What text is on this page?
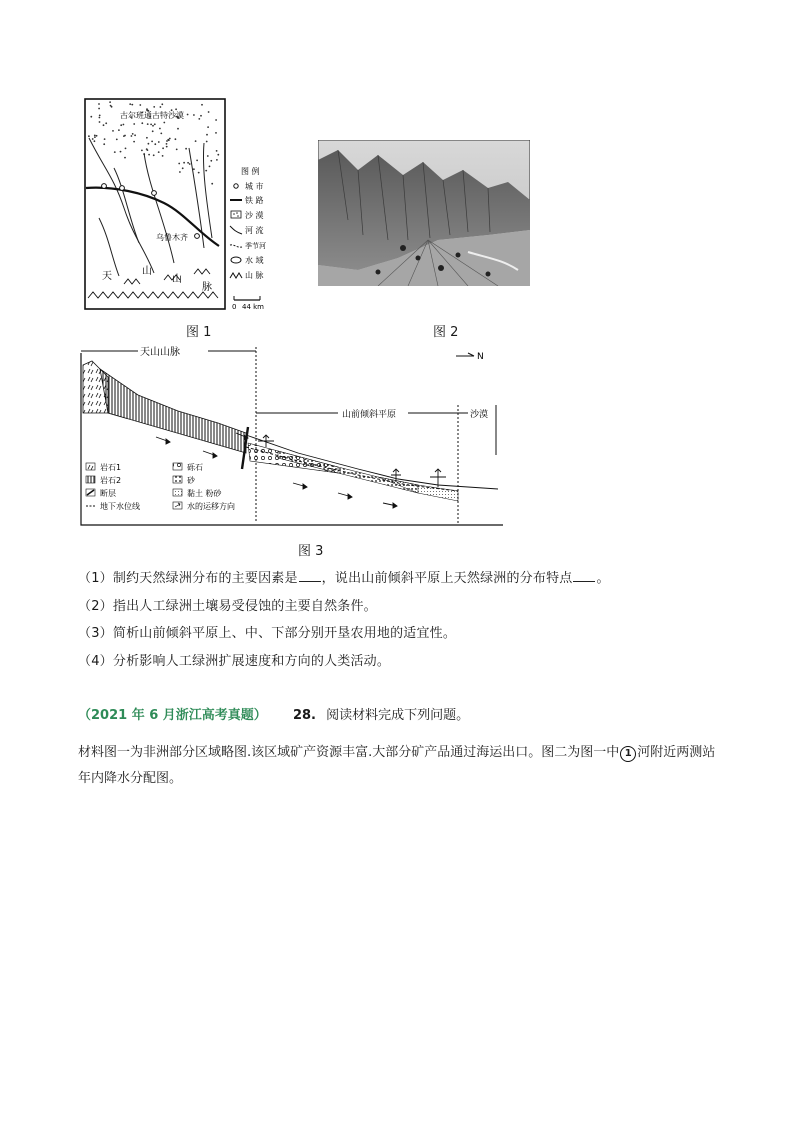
古尔班通古特沙漠
乌鲁木齐
天	山
山
脉
0 44 km
图 例
城 市
铁 路
沙 漠
河 流
季节河
水 域
山 脉
图 1	图 2
天山山脉
山前倾斜平原	沙漠
N
岩石1
岩石2
断层
地下水位线
砾石
砂
黏土 粉砂
水的运移方向
图 3
（1）制约天然绿洲分布的主要因素是 ，说出山前倾斜平原上天然绿洲的分布特点 。
（2）指出人工绿洲土壤易受侵蚀的主要自然条件。
（3）简析山前倾斜平原上、中、下部分别开垦农用地的适宜性。
（4）分析影响人工绿洲扩展速度和方向的人类活动。
（2021 年 6 月浙江高考真题） 28. 阅读材料完成下列问题。
材料图一为非洲部分区域略图.该区域矿产资源丰富.大部分矿产品通过海运出口。图二为图一中 1 河附近两测站年内降水分配图。
